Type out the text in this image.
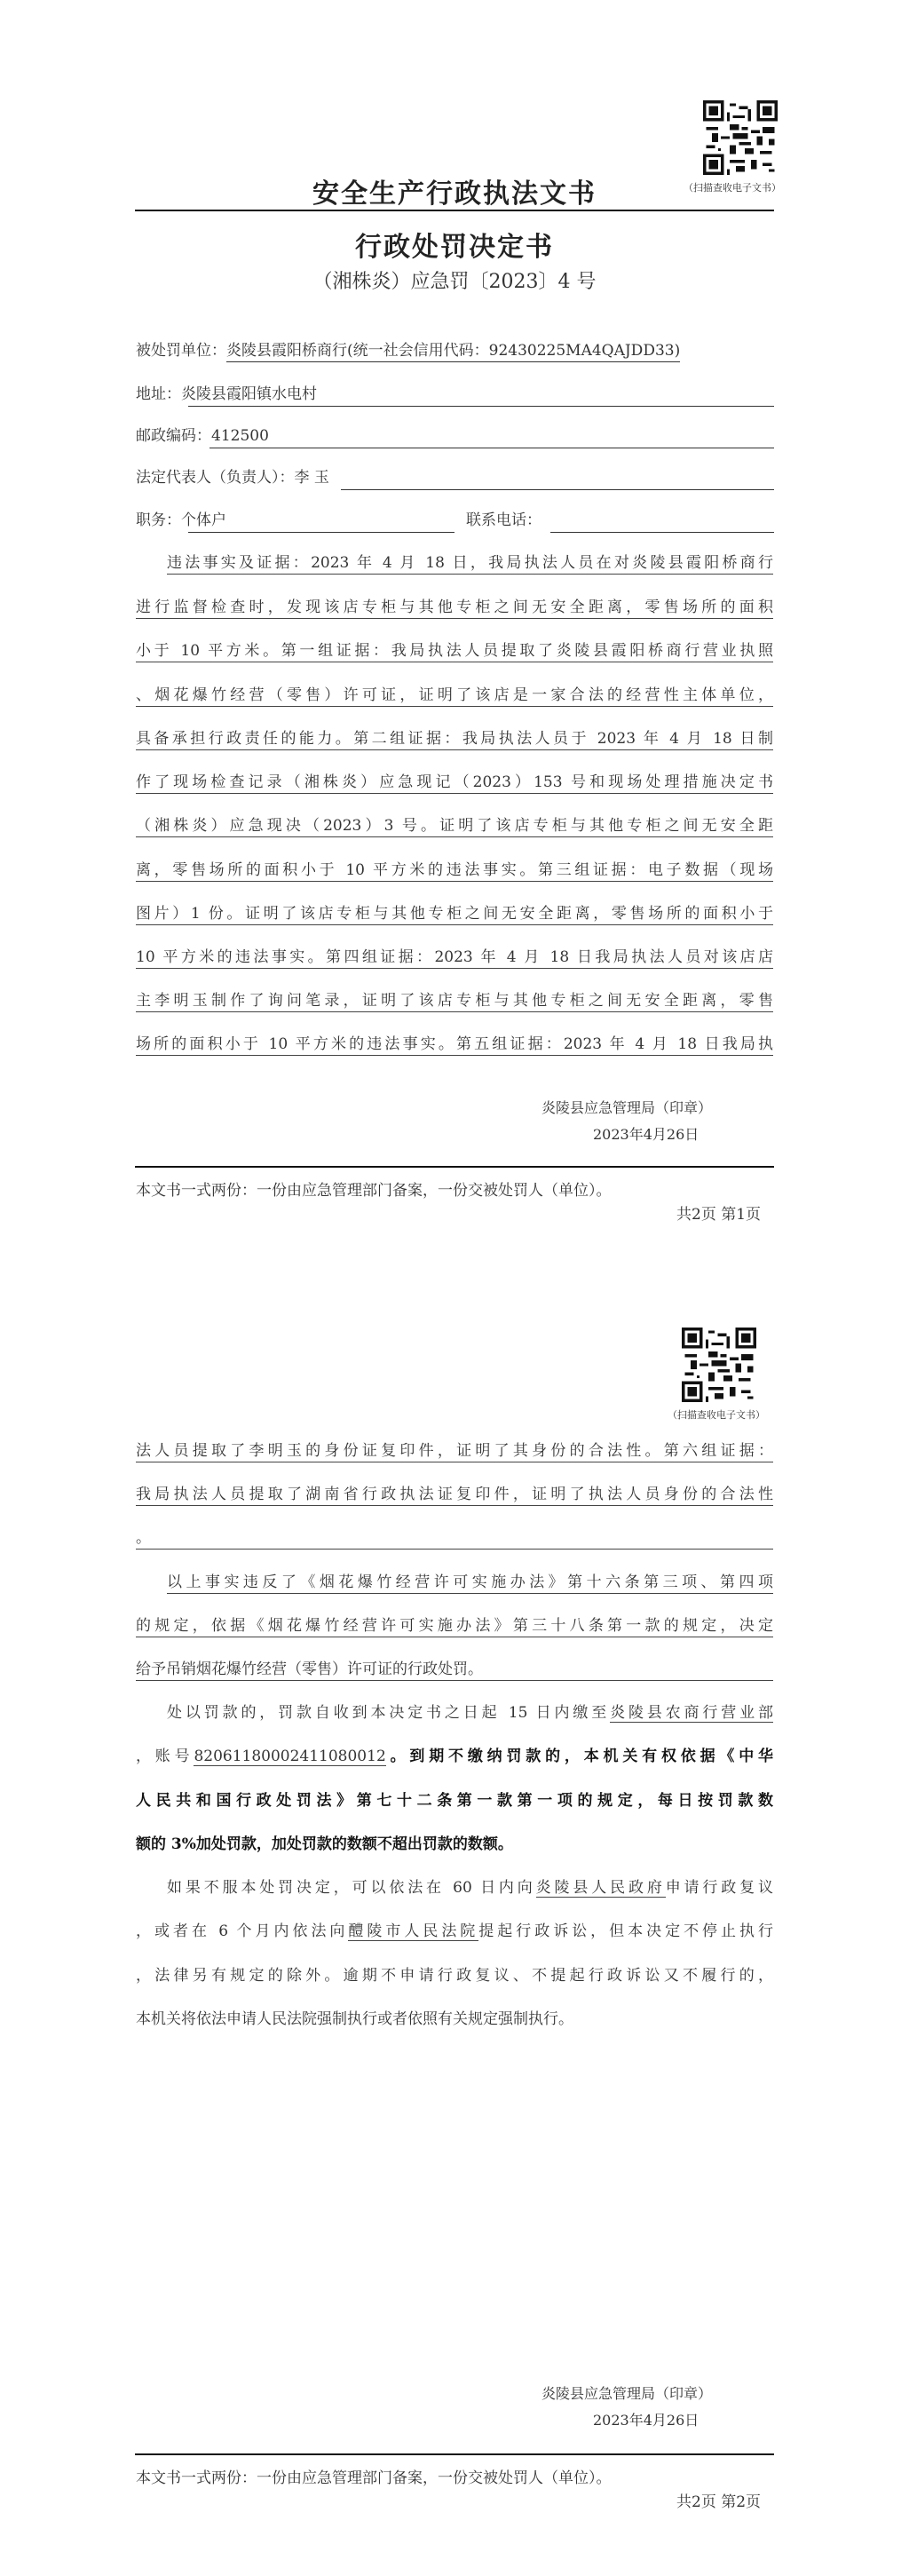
（扫描查收电子文书）
安全生产行政执法文书
行政处罚决定书
（湘株炎）应急罚〔2023〕4 号
被处罚单位：炎陵县霞阳桥商行(统一社会信用代码：92430225MA4QAJDD33)
地址：炎陵县霞阳镇水电村
邮政编码：412500
法定代表人（负责人）：李 玉
职务：个体户	联系电话：
违法事实及证据：2023 年 4 月 18 日，我局执法人员在对炎陵县霞阳桥商行
进行监督检查时，发现该店专柜与其他专柜之间无安全距离，零售场所的面积
小于 10 平方米。第一组证据：我局执法人员提取了炎陵县霞阳桥商行营业执照
、烟花爆竹经营（零售）许可证，证明了该店是一家合法的经营性主体单位，
具备承担行政责任的能力。第二组证据：我局执法人员于 2023 年 4 月 18 日制
作了现场检查记录（湘株炎）应急现记（2023）153 号和现场处理措施决定书
（湘株炎）应急现决（2023）3 号。证明了该店专柜与其他专柜之间无安全距
离，零售场所的面积小于 10 平方米的违法事实。第三组证据：电子数据（现场
图片）1 份。证明了该店专柜与其他专柜之间无安全距离，零售场所的面积小于
10 平方米的违法事实。第四组证据：2023 年 4 月 18 日我局执法人员对该店店
主李明玉制作了询问笔录，证明了该店专柜与其他专柜之间无安全距离，零售
场所的面积小于 10 平方米的违法事实。第五组证据：2023 年 4 月 18 日我局执
炎陵县应急管理局（印章）
2023年4月26日
本文书一式两份：一份由应急管理部门备案，一份交被处罚人（单位）。
共2页 第1页
（扫描查收电子文书）
法人员提取了李明玉的身份证复印件，证明了其身份的合法性。第六组证据：
我局执法人员提取了湖南省行政执法证复印件，证明了执法人员身份的合法性
。
以上事实违反了《烟花爆竹经营许可实施办法》第十六条第三项、第四项
的规定，依据《烟花爆竹经营许可实施办法》第三十八条第一款的规定，决定
给予吊销烟花爆竹经营（零售）许可证的行政处罚。
处以罚款的，罚款自收到本决定书之日起 15 日内缴至炎陵县农商行营业部
，账号82061180002411080012。到期不缴纳罚款的，本机关有权依据《中华
人民共和国行政处罚法》第七十二条第一款第一项的规定，每日按罚款数
额的 3%加处罚款，加处罚款的数额不超出罚款的数额。
如果不服本处罚决定，可以依法在 60 日内向炎陵县人民政府申请行政复议
，或者在 6 个月内依法向醴陵市人民法院提起行政诉讼，但本决定不停止执行
，法律另有规定的除外。逾期不申请行政复议、不提起行政诉讼又不履行的，
本机关将依法申请人民法院强制执行或者依照有关规定强制执行。
炎陵县应急管理局（印章）
2023年4月26日
本文书一式两份：一份由应急管理部门备案，一份交被处罚人（单位）。
共2页 第2页
